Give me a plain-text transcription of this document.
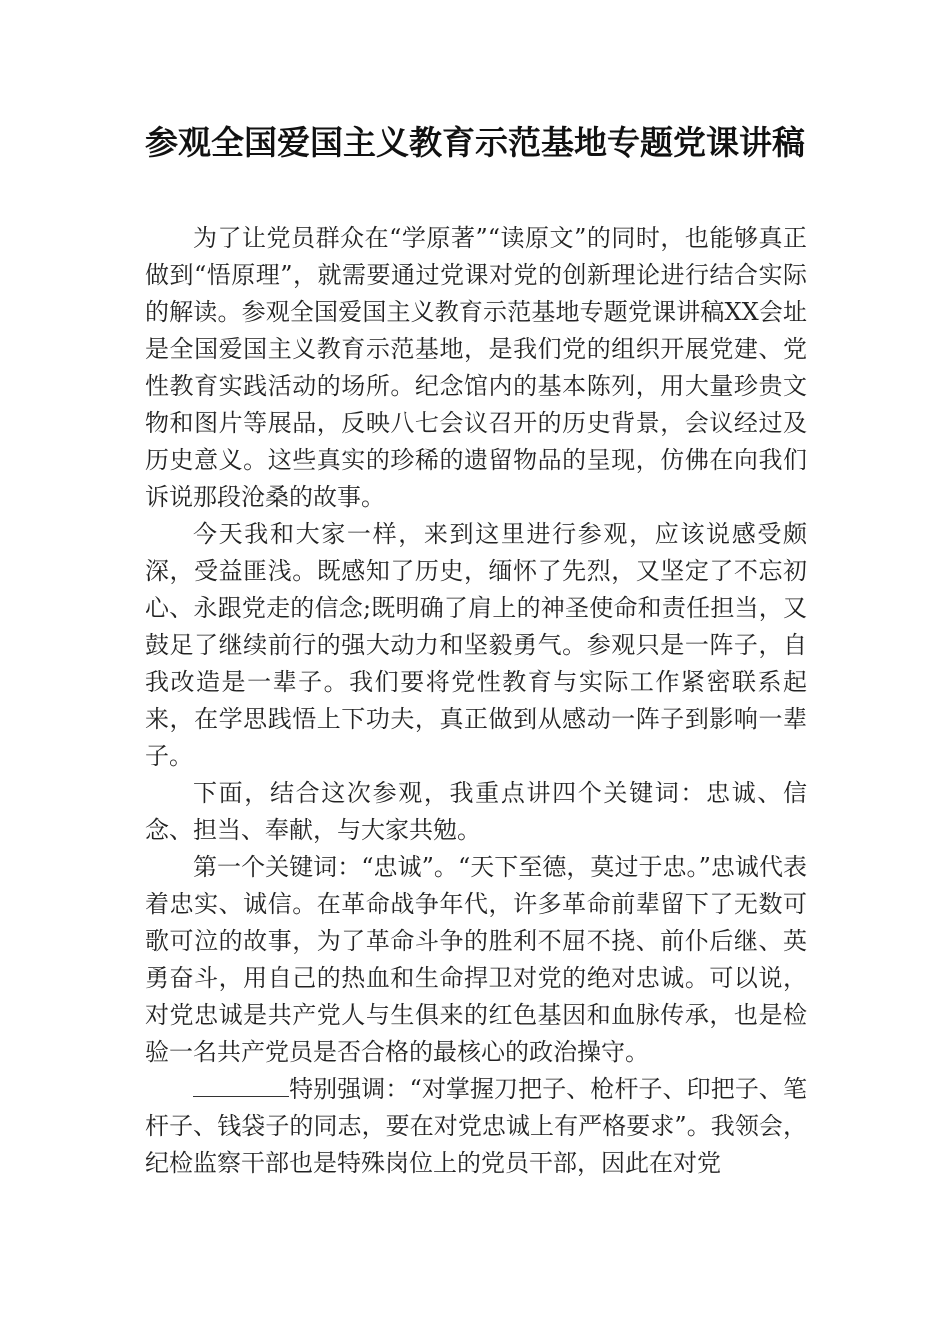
参观全国爱国主义教育示范基地专题党课讲稿

为了让党员群众在“学原著”“读原文”的同时，也能够真正做到“悟原理”，就需要通过党课对党的创新理论进行结合实际的解读。参观全国爱国主义教育示范基地专题党课讲稿XX会址是全国爱国主义教育示范基地，是我们党的组织开展党建、党性教育实践活动的场所。纪念馆内的基本陈列，用大量珍贵文物和图片等展品，反映八七会议召开的历史背景，会议经过及历史意义。这些真实的珍稀的遗留物品的呈现，仿佛在向我们诉说那段沧桑的故事。

今天我和大家一样，来到这里进行参观，应该说感受颇深，受益匪浅。既感知了历史，缅怀了先烈，又坚定了不忘初心、永跟党走的信念;既明确了肩上的神圣使命和责任担当，又鼓足了继续前行的强大动力和坚毅勇气。参观只是一阵子，自我改造是一辈子。我们要将党性教育与实际工作紧密联系起来，在学思践悟上下功夫，真正做到从感动一阵子到影响一辈子。

下面，结合这次参观，我重点讲四个关键词：忠诚、信念、担当、奉献，与大家共勉。

第一个关键词：“忠诚”。“天下至德，莫过于忠。”忠诚代表着忠实、诚信。在革命战争年代，许多革命前辈留下了无数可歌可泣的故事，为了革命斗争的胜利不屈不挠、前仆后继、英勇奋斗，用自己的热血和生命捍卫对党的绝对忠诚。可以说，对党忠诚是共产党人与生俱来的红色基因和血脉传承，也是检验一名共产党员是否合格的最核心的政治操守。

特别强调：“对掌握刀把子、枪杆子、印把子、笔杆子、钱袋子的同志，要在对党忠诚上有严格要求”。我领会，纪检监察干部也是特殊岗位上的党员干部，因此在对党
